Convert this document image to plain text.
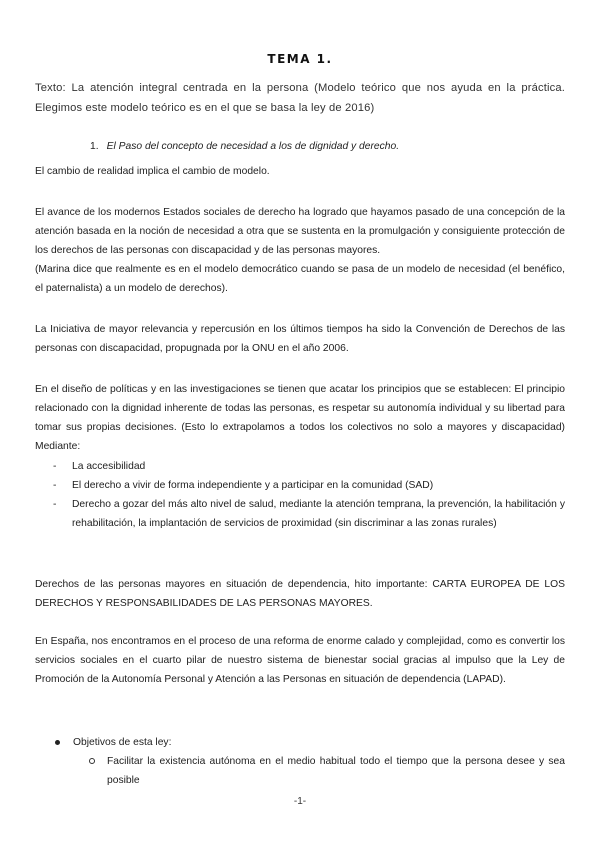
TEMA 1.
Texto: La atención integral centrada en la persona (Modelo teórico que nos ayuda en la práctica. Elegimos este modelo teórico es en el que se basa la ley de 2016)
1. El Paso del concepto de necesidad a los de dignidad y derecho.
El cambio de realidad implica el cambio de modelo.
El avance de los modernos Estados sociales de derecho ha logrado que hayamos pasado de una concepción de la atención basada en la noción de necesidad a otra que se sustenta en la promulgación y consiguiente protección de los derechos de las personas con discapacidad y de las personas mayores.
(Marina dice que realmente es en el modelo democrático cuando se pasa de un modelo de necesidad (el benéfico, el paternalista) a un modelo de derechos).
La Iniciativa de mayor relevancia y repercusión en los últimos tiempos ha sido la Convención de Derechos de las personas con discapacidad, propugnada por la ONU en el año 2006.
En el diseño de políticas y en las investigaciones se tienen que acatar los principios que se establecen: El principio relacionado con la dignidad inherente de todas las personas, es respetar su autonomía individual y su libertad para tomar sus propias decisiones. (Esto lo extrapolamos a todos los colectivos no solo a mayores y discapacidad) Mediante:
- La accesibilidad
- El derecho a vivir de forma independiente y a participar en la comunidad (SAD)
- Derecho a gozar del más alto nivel de salud, mediante la atención temprana, la prevención, la habilitación y rehabilitación, la implantación de servicios de proximidad (sin discriminar a las zonas rurales)
Derechos de las personas mayores en situación de dependencia, hito importante: CARTA EUROPEA DE LOS DERECHOS Y RESPONSABILIDADES DE LAS PERSONAS MAYORES.
En España, nos encontramos en el proceso de una reforma de enorme calado y complejidad, como es convertir los servicios sociales en el cuarto pilar de nuestro sistema de bienestar social gracias al impulso que la Ley de Promoción de la Autonomía Personal y Atención a las Personas en situación de dependencia (LAPAD).
Objetivos de esta ley:
Facilitar la existencia autónoma en el medio habitual todo el tiempo que la persona desee y sea posible
-1-
